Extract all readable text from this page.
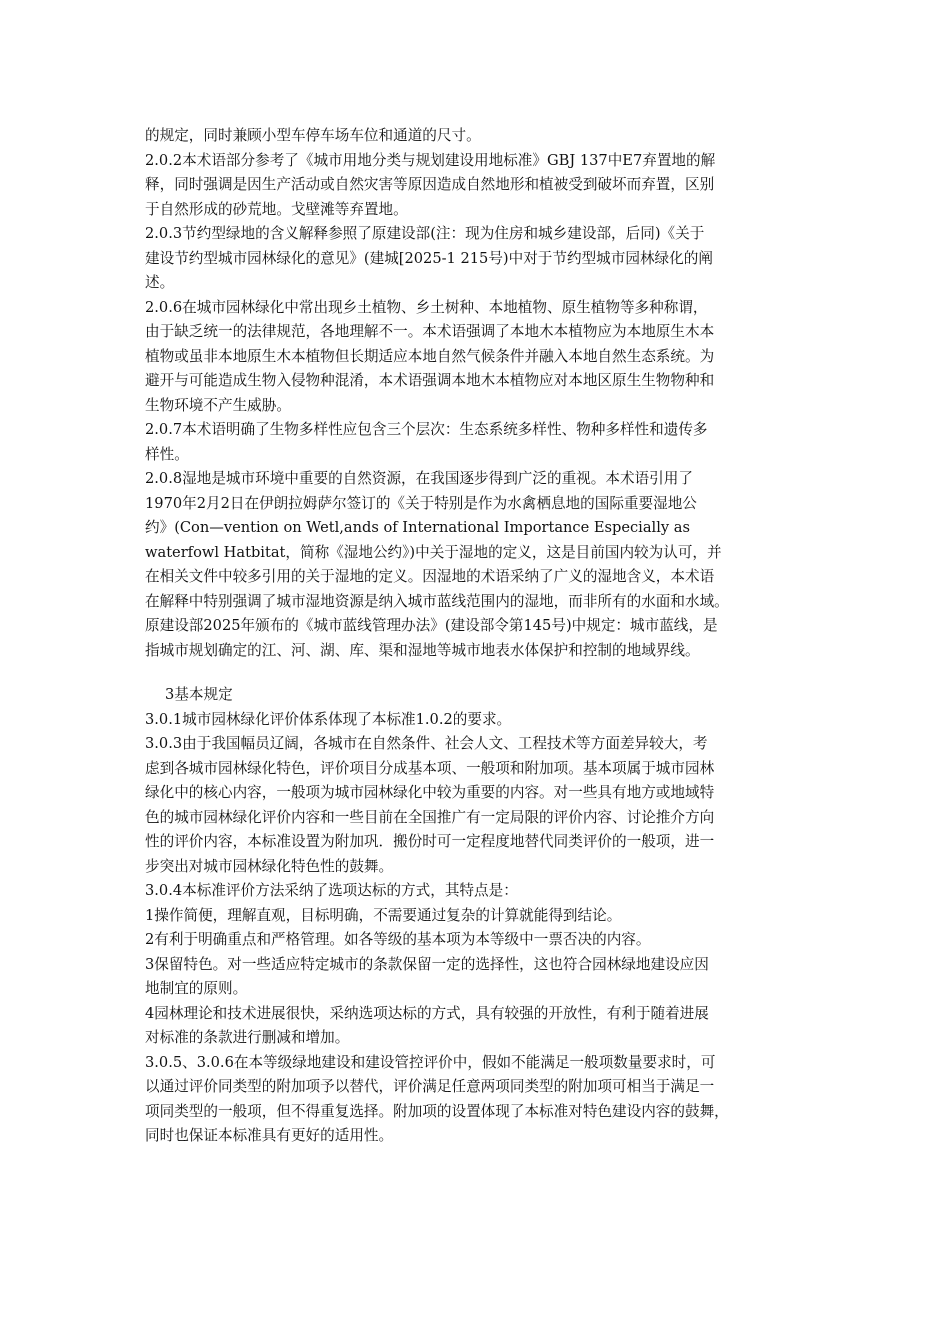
的规定，同时兼顾小型车停车场车位和通道的尺寸。
2.0.2本术语部分参考了《城市用地分类与规划建设用地标准》GBJ 137中E7弃置地的解
释，同时强调是因生产活动或自然灾害等原因造成自然地形和植被受到破坏而弃置，区别
于自然形成的砂荒地。戈壁滩等弃置地。
2.0.3节约型绿地的含义解释参照了原建设部(注：现为住房和城乡建设部，后同)《关于
建设节约型城市园林绿化的意见》(建城[2025-1 215号)中对于节约型城市园林绿化的阐
述。
2.0.6在城市园林绿化中常出现乡土植物、乡土树种、本地植物、原生植物等多种称谓，
由于缺乏统一的法律规范，各地理解不一。本术语强调了本地木本植物应为本地原生木本
植物或虽非本地原生木本植物但长期适应本地自然气候条件并融入本地自然生态系统。为
避开与可能造成生物入侵物种混淆，本术语强调本地木本植物应对本地区原生生物物种和
生物环境不产生威胁。
2.0.7本术语明确了生物多样性应包含三个层次：生态系统多样性、物种多样性和遗传多
样性。
2.0.8湿地是城市环境中重要的自然资源，在我国逐步得到广泛的重视。本术语引用了
1970年2月2日在伊朗拉姆萨尔签订的《关于特别是作为水禽栖息地的国际重要湿地公
约》(Con—vention on Wetl,ands of International Importance Especially as
waterfowl Hatbitat，简称《湿地公约》)中关于湿地的定义，这是目前国内较为认可，并
在相关文件中较多引用的关于湿地的定义。因湿地的术语采纳了广义的湿地含义，本术语
在解释中特别强调了城市湿地资源是纳入城市蓝线范围内的湿地，而非所有的水面和水域。
原建设部2025年颁布的《城市蓝线管理办法》(建设部令第145号)中规定：城市蓝线，是
指城市规划确定的江、河、湖、库、渠和湿地等城市地表水体保护和控制的地域界线。
3基本规定
3.0.1城市园林绿化评价体系体现了本标准1.0.2的要求。
3.0.3由于我国幅员辽阔，各城市在自然条件、社会人文、工程技术等方面差异较大，考
虑到各城市园林绿化特色，评价项目分成基本项、一般项和附加项。基本项属于城市园林
绿化中的核心内容，一般项为城市园林绿化中较为重要的内容。对一些具有地方或地域特
色的城市园林绿化评价内容和一些目前在全国推广有一定局限的评价内容、讨论推介方向
性的评价内容，本标准设置为附加巩．搬份时可一定程度地替代同类评价的一般项，进一
步突出对城市园林绿化特色性的鼓舞。
3.0.4本标准评价方法采纳了选项达标的方式，其特点是：
1操作简便，理解直观，目标明确，不需要通过复杂的计算就能得到结论。
2有利于明确重点和严格管理。如各等级的基本项为本等级中一票否决的内容。
3保留特色。对一些适应特定城市的条款保留一定的选择性，这也符合园林绿地建设应因
地制宜的原则。
4园林理论和技术进展很快，采纳选项达标的方式，具有较强的开放性，有利于随着进展
对标准的条款进行删减和增加。
3.0.5、3.0.6在本等级绿地建设和建设管控评价中，假如不能满足一般项数量要求时，可
以通过评价同类型的附加项予以替代，评价满足任意两项同类型的附加项可相当于满足一
项同类型的一般项，但不得重复选择。附加项的设置体现了本标准对特色建设内容的鼓舞，
同时也保证本标准具有更好的适用性。
